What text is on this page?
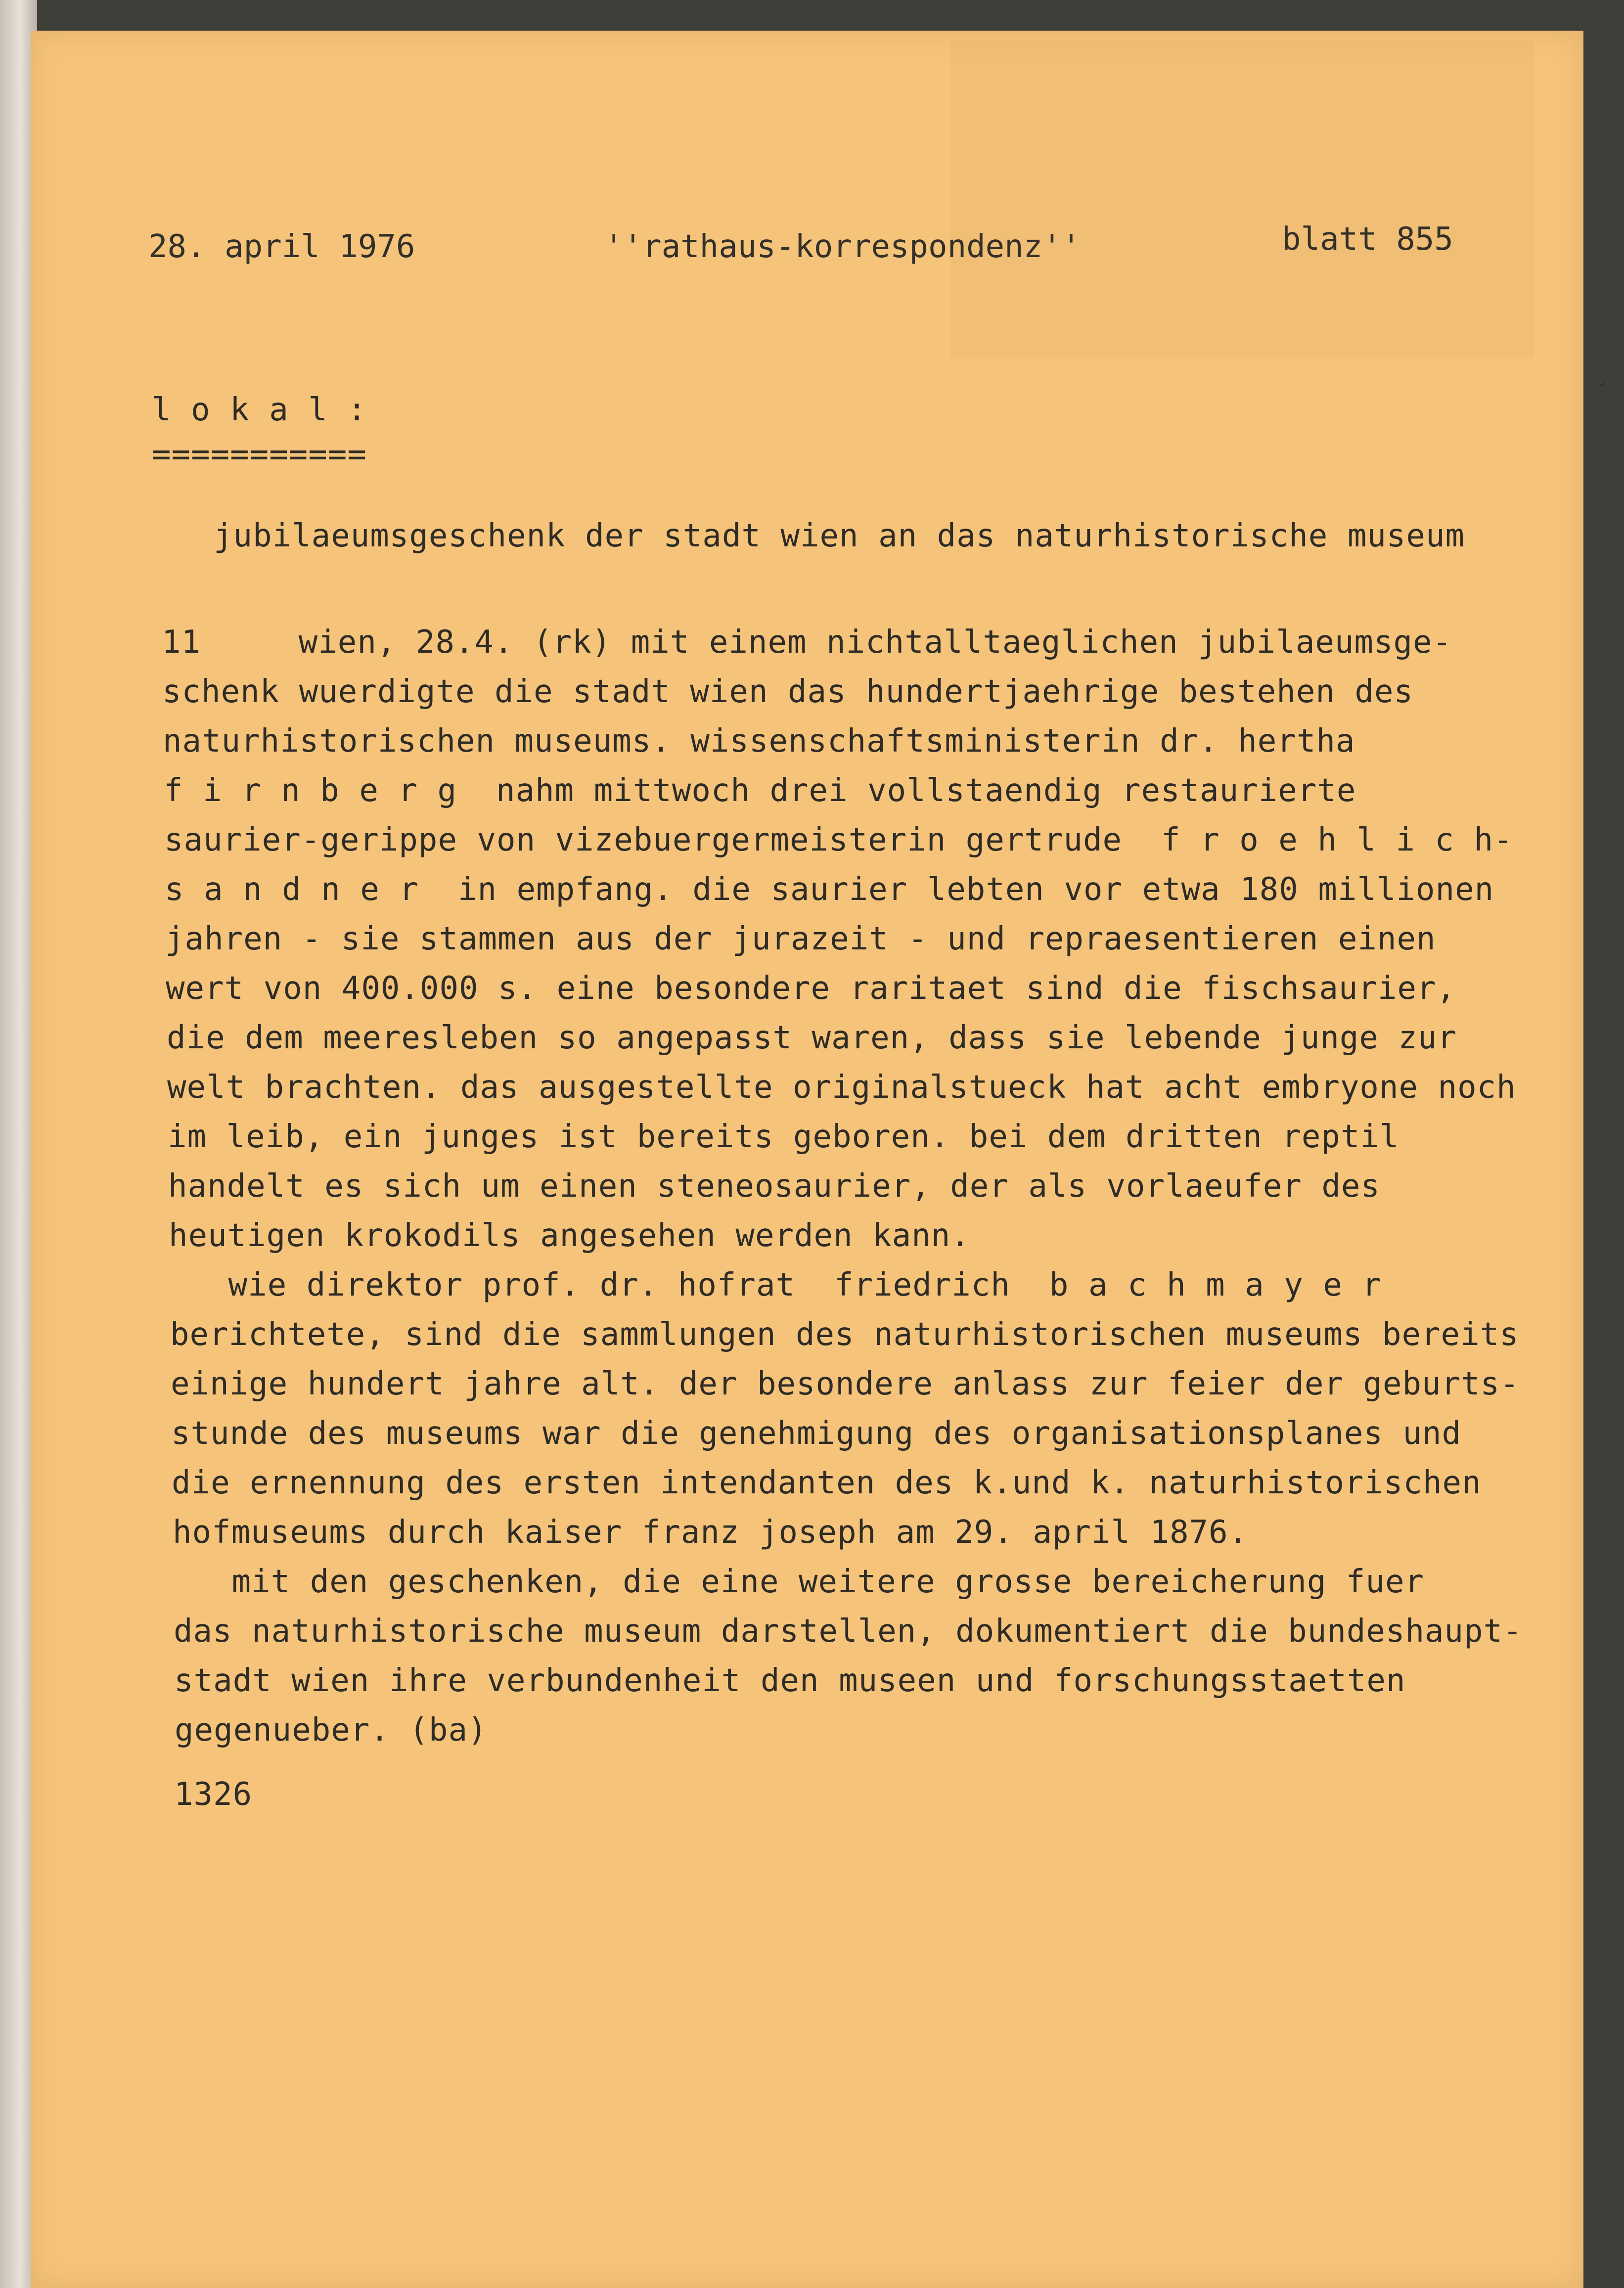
28. april 1976	''rathaus-korrespondenz''	blatt 855
l o k a l :
===========
jubilaeumsgeschenk der stadt wien an das naturhistorische museum
11     wien, 28.4. (rk) mit einem nichtalltaeglichen jubilaeumsge-
schenk wuerdigte die stadt wien das hundertjaehrige bestehen des
naturhistorischen museums. wissenschaftsministerin dr. hertha
f i r n b e r g  nahm mittwoch drei vollstaendig restaurierte
saurier-gerippe von vizebuergermeisterin gertrude  f r o e h l i c h-
s a n d n e r  in empfang. die saurier lebten vor etwa 180 millionen
jahren - sie stammen aus der jurazeit - und repraesentieren einen
wert von 400.000 s. eine besondere raritaet sind die fischsaurier,
die dem meeresleben so angepasst waren, dass sie lebende junge zur
welt brachten. das ausgestellte originalstueck hat acht embryone noch
im leib, ein junges ist bereits geboren. bei dem dritten reptil
handelt es sich um einen steneosaurier, der als vorlaeufer des
heutigen krokodils angesehen werden kann.
wie direktor prof. dr. hofrat  friedrich  b a c h m a y e r
berichtete, sind die sammlungen des naturhistorischen museums bereits
einige hundert jahre alt. der besondere anlass zur feier der geburts-
stunde des museums war die genehmigung des organisationsplanes und
die ernennung des ersten intendanten des k.und k. naturhistorischen
hofmuseums durch kaiser franz joseph am 29. april 1876.
mit den geschenken, die eine weitere grosse bereicherung fuer
das naturhistorische museum darstellen, dokumentiert die bundeshaupt-
stadt wien ihre verbundenheit den museen und forschungsstaetten
gegenueber. (ba)
1326
